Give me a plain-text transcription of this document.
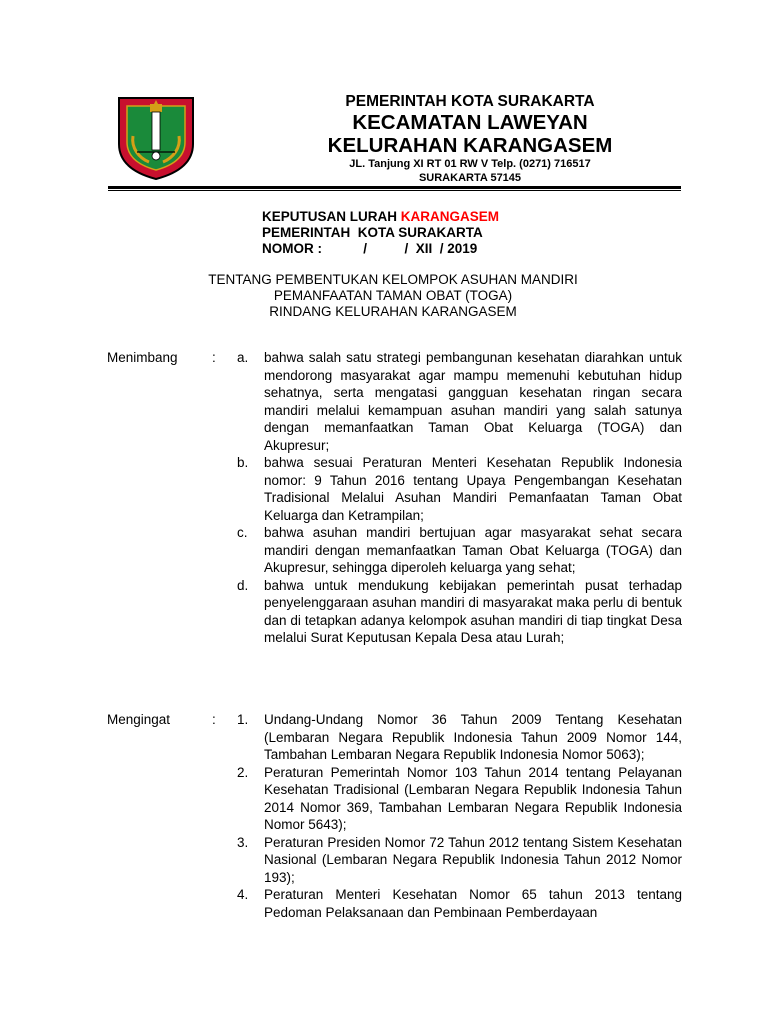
PEMERINTAH KOTA SURAKARTA
KECAMATAN LAWEYAN
KELURAHAN KARANGASEM
JL. Tanjung XI RT 01 RW V Telp. (0271) 716517
SURAKARTA 57145
KEPUTUSAN LURAH KARANGASEM
PEMERINTAH  KOTA SURAKARTA
NOMOR :           /          /  XII  / 2019
TENTANG PEMBENTUKAN KELOMPOK ASUHAN MANDIRI
PEMANFAATAN TAMAN OBAT (TOGA)
RINDANG KELURAHAN KARANGASEM
Menimbang	: a. bahwa salah satu strategi pembangunan kesehatan diarahkan untuk mendorong masyarakat agar mampu memenuhi kebutuhan hidup sehatnya, serta mengatasi gangguan kesehatan ringan secara mandiri melalui kemampuan asuhan mandiri yang salah satunya dengan memanfaatkan Taman Obat Keluarga (TOGA) dan Akupresur;
b. bahwa sesuai Peraturan Menteri Kesehatan Republik Indonesia nomor: 9 Tahun 2016 tentang Upaya Pengembangan Kesehatan Tradisional Melalui Asuhan Mandiri Pemanfaatan Taman Obat Keluarga dan Ketrampilan;
c. bahwa asuhan mandiri bertujuan agar masyarakat sehat secara mandiri dengan memanfaatkan Taman Obat Keluarga (TOGA) dan Akupresur, sehingga diperoleh keluarga yang sehat;
d. bahwa untuk mendukung kebijakan pemerintah pusat terhadap penyelenggaraan asuhan mandiri di masyarakat maka perlu di bentuk dan di tetapkan adanya kelompok asuhan mandiri di tiap tingkat Desa melalui Surat Keputusan Kepala Desa atau Lurah;
Mengingat	: 1. Undang-Undang Nomor 36 Tahun 2009 Tentang Kesehatan (Lembaran Negara Republik Indonesia Tahun 2009 Nomor 144, Tambahan Lembaran Negara Republik Indonesia Nomor 5063);
2. Peraturan Pemerintah Nomor 103 Tahun 2014 tentang Pelayanan Kesehatan Tradisional (Lembaran Negara Republik Indonesia Tahun 2014 Nomor 369, Tambahan Lembaran Negara Republik Indonesia Nomor 5643);
3. Peraturan Presiden Nomor 72 Tahun 2012 tentang Sistem Kesehatan Nasional (Lembaran Negara Republik Indonesia Tahun 2012 Nomor 193);
4. Peraturan Menteri Kesehatan Nomor 65 tahun 2013 tentang Pedoman Pelaksanaan dan Pembinaan Pemberdayaan
